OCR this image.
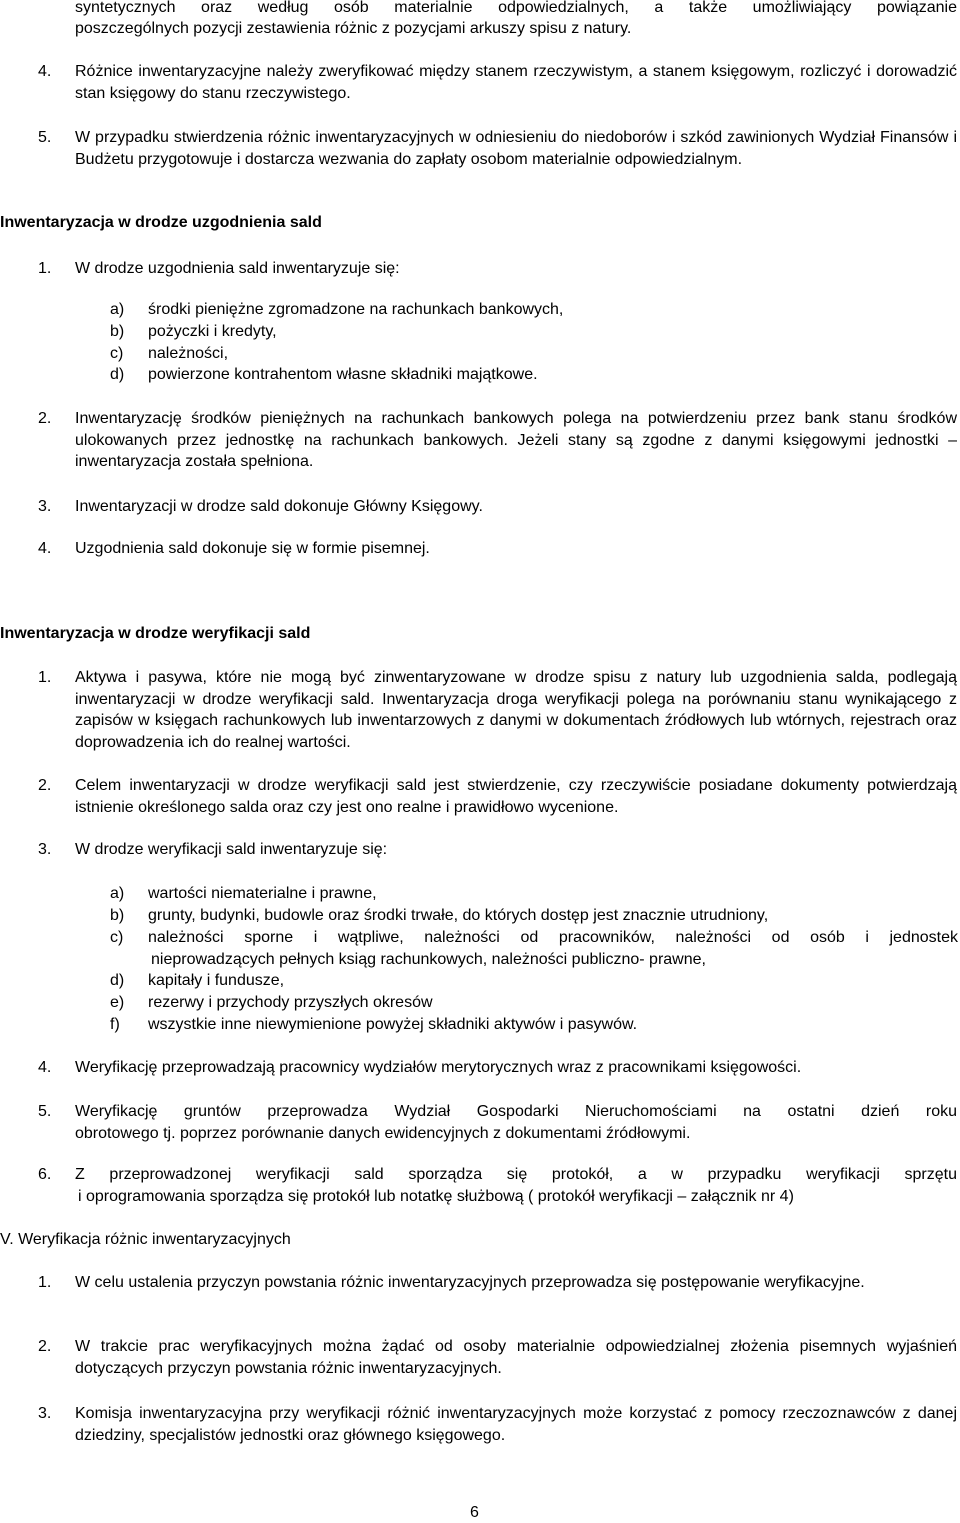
syntetycznych oraz według osób materialnie odpowiedzialnych, a także umożliwiający powiązanie
poszczególnych pozycji zestawienia różnic z pozycjami arkuszy spisu z natury.
4. Różnice inwentaryzacyjne należy zweryfikować między stanem rzeczywistym, a stanem księgowym, rozliczyć i dorowadzić stan księgowy do stanu rzeczywistego.
5. W przypadku stwierdzenia różnic inwentaryzacyjnych w odniesieniu do niedoborów i szkód zawinionych Wydział Finansów i Budżetu przygotowuje i dostarcza wezwania do zapłaty osobom materialnie odpowiedzialnym.
Inwentaryzacja w drodze uzgodnienia sald
1. W drodze uzgodnienia sald inwentaryzuje się:
a) środki pieniężne zgromadzone na rachunkach bankowych,
b) pożyczki i kredyty,
c) należności,
d) powierzone kontrahentom własne składniki majątkowe.
2. Inwentaryzację środków pieniężnych na rachunkach bankowych polega na potwierdzeniu przez bank stanu środków ulokowanych przez jednostkę na rachunkach bankowych. Jeżeli stany są zgodne z danymi księgowymi jednostki – inwentaryzacja została spełniona.
3. Inwentaryzacji w drodze sald dokonuje Główny Księgowy.
4. Uzgodnienia sald dokonuje się w formie pisemnej.
Inwentaryzacja w drodze weryfikacji sald
1. Aktywa i pasywa, które nie mogą być zinwentaryzowane w drodze spisu z natury lub uzgodnienia salda, podlegają inwentaryzacji w drodze weryfikacji sald. Inwentaryzacja droga weryfikacji polega na porównaniu stanu wynikającego z zapisów w księgach rachunkowych lub inwentarzowych z danymi w dokumentach źródłowych lub wtórnych, rejestrach oraz doprowadzenia ich do realnej wartości.
2. Celem inwentaryzacji w drodze weryfikacji sald jest stwierdzenie, czy rzeczywiście posiadane dokumenty potwierdzają istnienie określonego salda oraz czy jest ono realne i prawidłowo wycenione.
3. W drodze weryfikacji sald inwentaryzuje się:
a) wartości niematerialne i prawne,
b) grunty, budynki, budowle oraz środki trwałe, do których dostęp jest znacznie utrudniony,
c) należności sporne i wątpliwe, należności od pracowników, należności od osób i jednostek
nieprowadzących pełnych ksiąg rachunkowych, należności publiczno- prawne,
d) kapitały i fundusze,
e) rezerwy i przychody przyszłych okresów
f) wszystkie inne niewymienione powyżej składniki aktywów i pasywów.
4. Weryfikację przeprowadzają pracownicy wydziałów merytorycznych wraz z pracownikami księgowości.
5. Weryfikację gruntów przeprowadza Wydział Gospodarki Nieruchomościami na ostatni dzień roku
obrotowego tj. poprzez porównanie danych ewidencyjnych z dokumentami źródłowymi.
6. Z przeprowadzonej weryfikacji sald sporządza się protokół, a w przypadku weryfikacji sprzętu
i oprogramowania sporządza się protokół lub notatkę służbową ( protokół weryfikacji – załącznik nr 4)
V. Weryfikacja różnic inwentaryzacyjnych
1. W celu ustalenia przyczyn powstania różnic inwentaryzacyjnych przeprowadza się postępowanie weryfikacyjne.
2. W trakcie prac weryfikacyjnych można żądać od osoby materialnie odpowiedzialnej złożenia pisemnych wyjaśnień dotyczących przyczyn powstania różnic inwentaryzacyjnych.
3. Komisja inwentaryzacyjna przy weryfikacji różnić inwentaryzacyjnych może korzystać z pomocy rzeczoznawców z danej dziedziny, specjalistów jednostki oraz głównego księgowego.
6
